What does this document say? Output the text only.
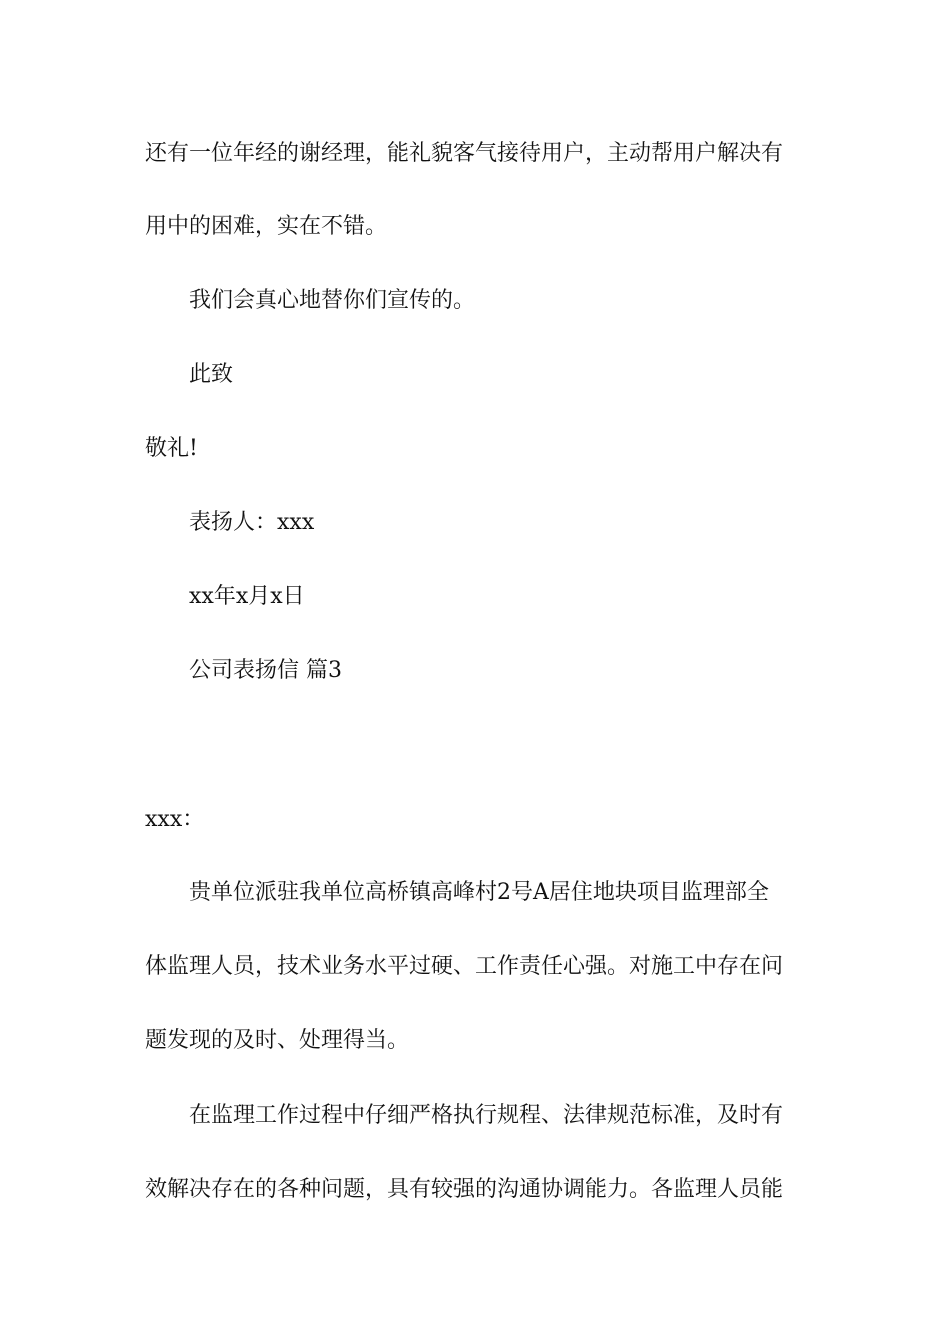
还有一位年经的谢经理，能礼貌客气接待用户，主动帮用户解决有
用中的困难，实在不错。
我们会真心地替你们宣传的。
此致
敬礼!
表扬人：xxx
xx年x月x日
公司表扬信 篇3
xxx：
贵单位派驻我单位高桥镇高峰村2号A居住地块项目监理部全
体监理人员，技术业务水平过硬、工作责任心强。对施工中存在问
题发现的及时、处理得当。
在监理工作过程中仔细严格执行规程、法律规范标准，及时有
效解决存在的各种问题，具有较强的沟通协调能力。各监理人员能
